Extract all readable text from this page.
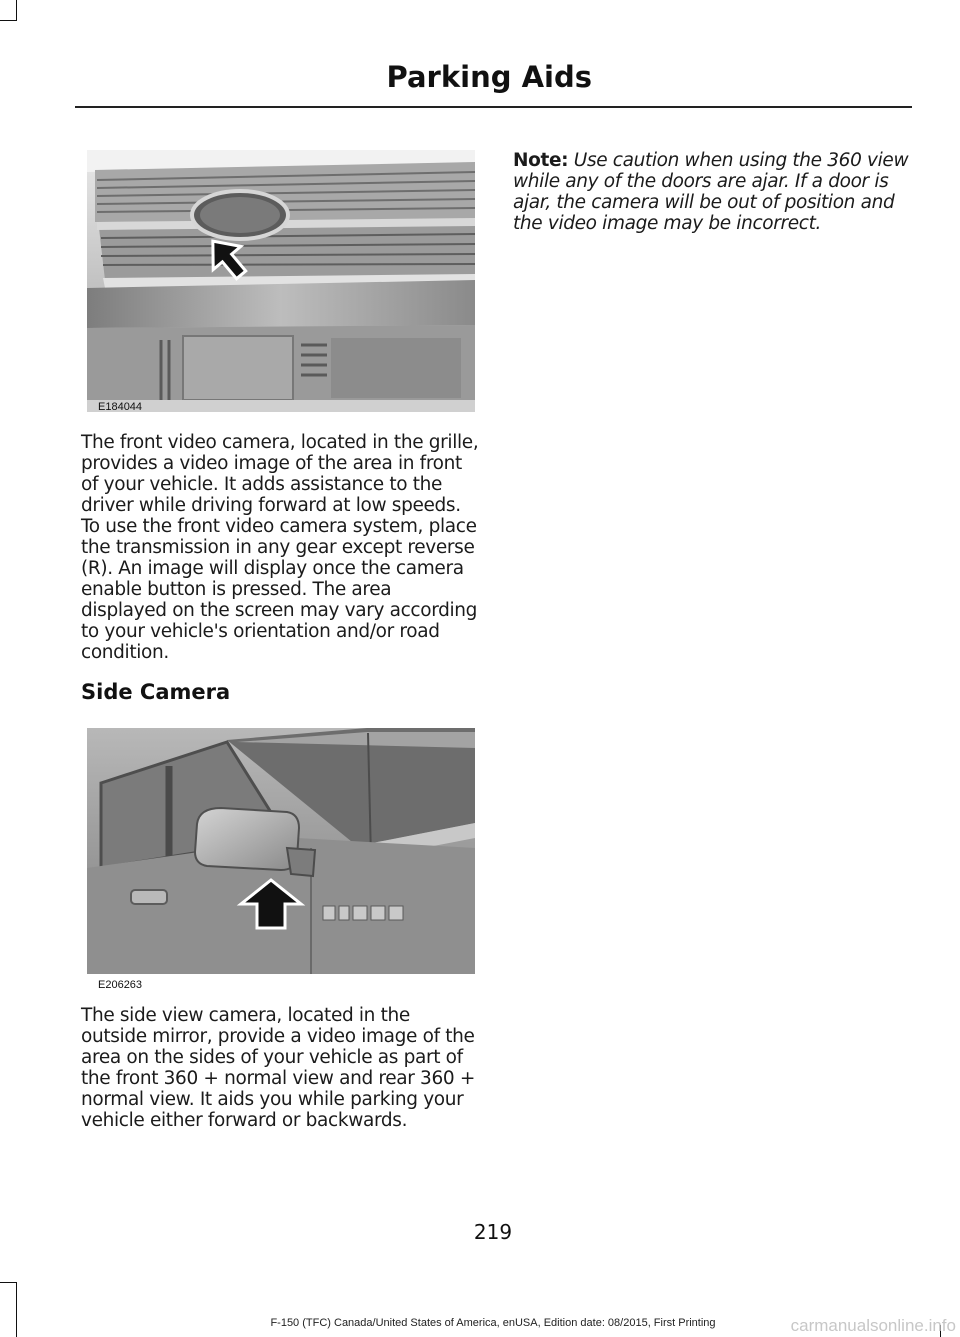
Parking Aids
E184044
The front video camera, located in the grille, provides a video image of the area in front of your vehicle. It adds assistance to the driver while driving forward at low speeds. To use the front video camera system, place the transmission in any gear except reverse (R). An image will display once the camera enable button is pressed. The area displayed on the screen may vary according to your vehicle's orientation and/or road condition.
Side Camera
E206263
The side view camera, located in the outside mirror, provide a video image of the area on the sides of your vehicle as part of the front 360 + normal view and rear 360 + normal view. It aids you while parking your vehicle either forward or backwards.
Note: Use caution when using the 360 view while any of the doors are ajar. If a door is ajar, the camera will be out of position and the video image may be incorrect.
219
F-150 (TFC) Canada/United States of America, enUSA, Edition date: 08/2015, First Printing	carmanualsonline.info
